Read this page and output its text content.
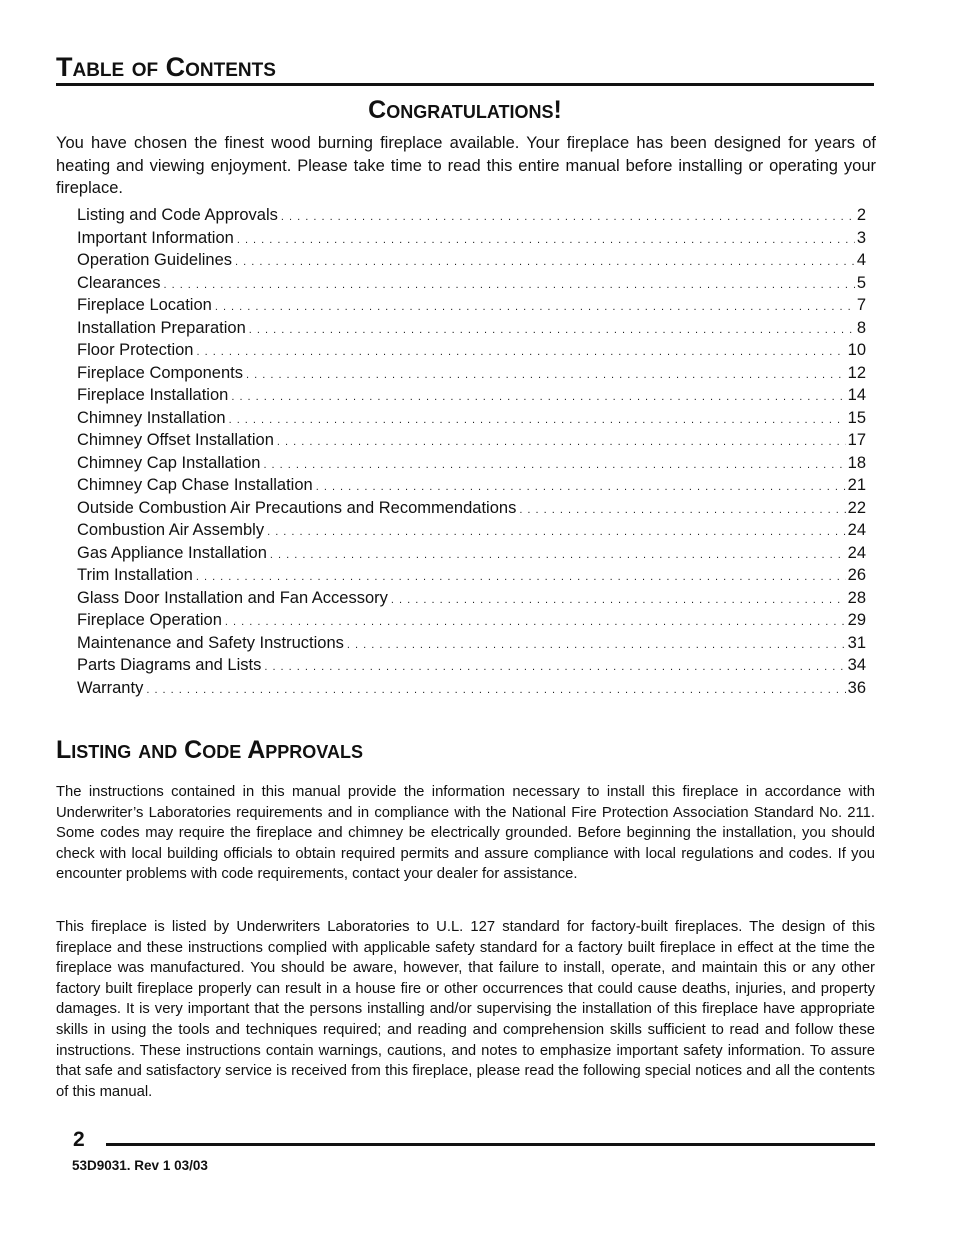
Table of Contents
Congratulations!

You have chosen the finest wood burning fireplace available. Your fireplace has been designed for years of heating and viewing enjoyment. Please take time to read this entire manual before installing or operating your fireplace.

Listing and Code Approvals . . .	2
Important Information . . .	3
Operation Guidelines . . .	4
Clearances . . .	5
Fireplace Location . . .	7
Installation Preparation . . .	8
Floor Protection . . .	10
Fireplace Components . . .	12
Fireplace Installation . . .	14
Chimney Installation . . .	15
Chimney Offset Installation . . .	17
Chimney Cap Installation . . .	18
Chimney Cap Chase Installation . . .	21
Outside Combustion Air Precautions and Recommendations . . .	22
Combustion Air Assembly . . .	24
Gas Appliance Installation . . .	24
Trim Installation . . .	26
Glass Door Installation and Fan Accessory . . .	28
Fireplace Operation . . .	29
Maintenance and Safety Instructions . . .	31
Parts Diagrams and Lists . . .	34
Warranty . . .	36
Listing and Code Approvals

The instructions contained in this manual provide the information necessary to install this fireplace in accordance with Underwriter’s Laboratories requirements and in compliance with the National Fire Protection Association Standard No. 211. Some codes may require the fireplace and chimney be electrically grounded. Before beginning the installation, you should check with local building officials to obtain required permits and assure compliance with local regulations and codes. If you encounter problems with code requirements, contact your dealer for assistance.

This fireplace is listed by Underwriters Laboratories to U.L. 127 standard for factory-built fireplaces. The design of this fireplace and these instructions complied with applicable safety standard for a factory built fireplace in effect at the time the fireplace was manufactured. You should be aware, however, that failure to install, operate, and maintain this or any other factory built fireplace properly can result in a house fire or other occurrences that could cause deaths, injuries, and property damages. It is very important that the persons installing and/or supervising the installation of this fireplace have appropriate skills in using the tools and techniques required; and reading and comprehension skills sufficient to read and follow these instructions. These instructions contain warnings, cautions, and notes to emphasize important safety information. To assure that safe and satisfactory service is received from this fireplace, please read the following special notices and all the contents of this manual.

2
53D9031. Rev 1 03/03
